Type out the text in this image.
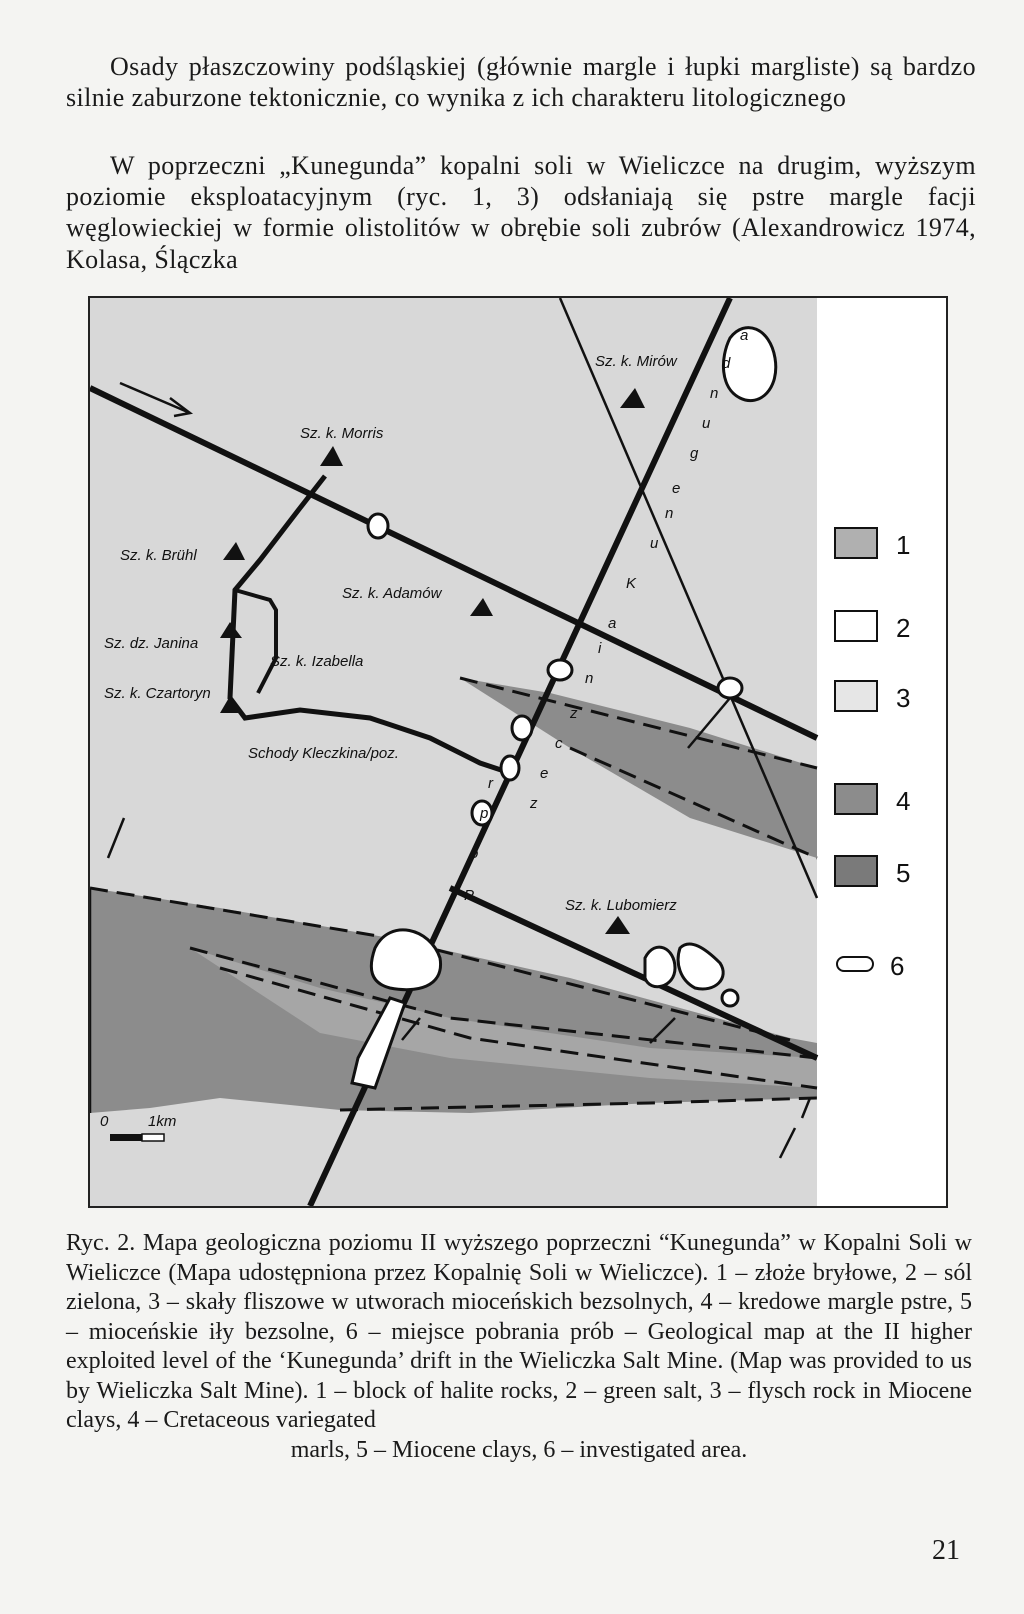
Osady płaszczowiny podśląskiej (głównie margle i łupki margliste) są bardzo silnie zaburzone tektonicznie, co wynika z ich charakteru litologicznego

W poprzeczni „Kunegunda” kopalni soli w Wieliczce na drugim, wyższym poziomie eksploatacyjnym (ryc. 1, 3) odsłaniają się pstre margle facji węglowieckiej w formie olistolitów w obrębie soli zubrów (Alexandrowicz 1974, Kolasa, Ślączka

Sz. k. Mirów
Sz. k. Morris
Sz. k. Brühl
Sz. k. Adamów
Sz. dz. Janina
Sz. k. Izabella
Sz. k. Czartoryn
Schody Kleczkina/poz.
Sz. k. Lubomierz
P
o
p
r
z
e
c
z
n
i
a
K
u
n
e
g
u
n
d
a
0	1km
1
2
3
4
5
6

Ryc. 2. Mapa geologiczna poziomu II wyższego poprzeczni “Kunegunda” w Kopalni Soli w Wieliczce (Mapa udostępniona przez Kopalnię Soli w Wieliczce). 1 – złoże bryłowe, 2 – sól zielona, 3 – skały fliszowe w utworach mioceńskich bezsolnych, 4 – kredowe margle pstre, 5 – mioceńskie iły bezsolne, 6 – miejsce pobrania prób – Geological map at the II higher exploited level of the ‘Kunegunda’ drift in the Wieliczka Salt Mine. (Map was provided to us by Wieliczka Salt Mine). 1 – block of halite rocks, 2 – green salt, 3 – flysch rock in Miocene clays, 4 – Cretaceous variegated
marls, 5 – Miocene clays, 6 – investigated area.

21
